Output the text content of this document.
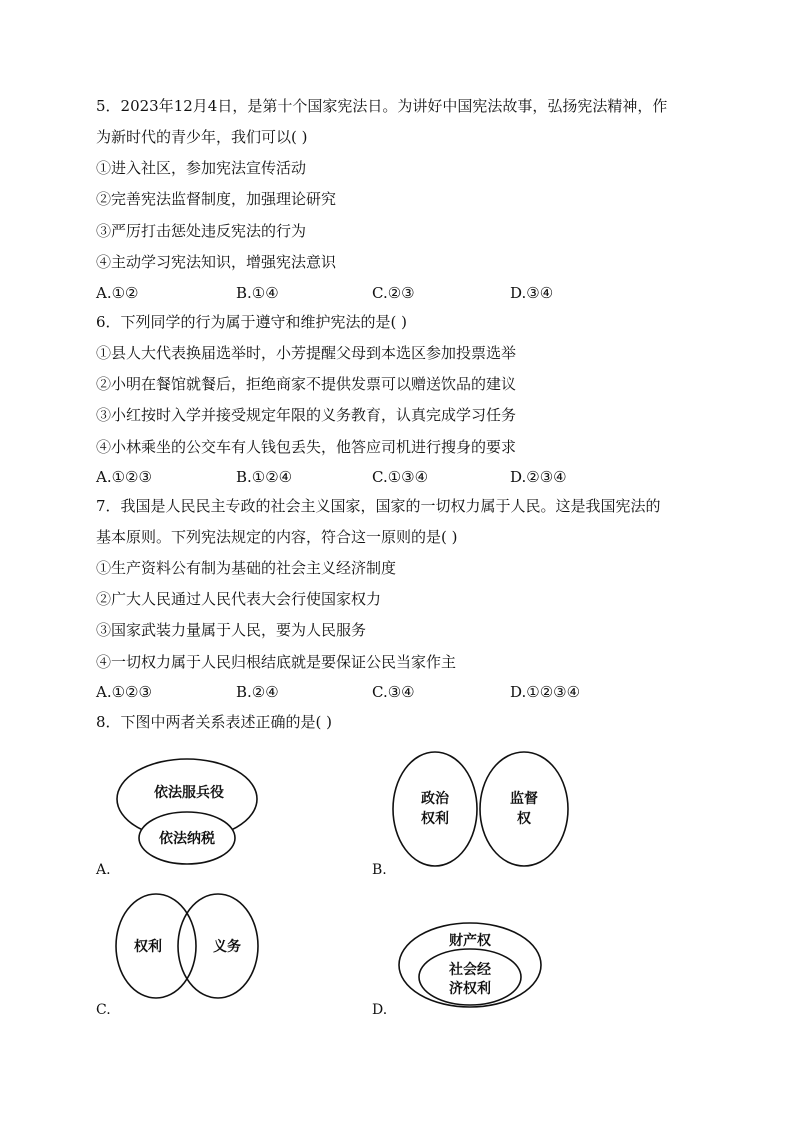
5．2023年12月4日，是第十个国家宪法日。为讲好中国宪法故事，弘扬宪法精神，作
为新时代的青少年，我们可以( )
①进入社区，参加宪法宣传活动
②完善宪法监督制度，加强理论研究
③严厉打击惩处违反宪法的行为
④主动学习宪法知识，增强宪法意识
A.①②	B.①④	C.②③	D.③④
6．下列同学的行为属于遵守和维护宪法的是( )
①县人大代表换届选举时，小芳提醒父母到本选区参加投票选举
②小明在餐馆就餐后，拒绝商家不提供发票可以赠送饮品的建议
③小红按时入学并接受规定年限的义务教育，认真完成学习任务
④小林乘坐的公交车有人钱包丢失，他答应司机进行搜身的要求
A.①②③	B.①②④	C.①③④	D.②③④
7．我国是人民民主专政的社会主义国家，国家的一切权力属于人民。这是我国宪法的
基本原则。下列宪法规定的内容，符合这一原则的是( )
①生产资料公有制为基础的社会主义经济制度
②广大人民通过人民代表大会行使国家权力
③国家武装力量属于人民，要为人民服务
④一切权力属于人民归根结底就是要保证公民当家作主
A.①②③	B.②④	C.③④	D.①②③④
8．下图中两者关系表述正确的是( )
依法服兵役
依法纳税
政治
权利
监督
权
权利	义务	财产权
社会经
济权利
A.	B.
C.	D.
